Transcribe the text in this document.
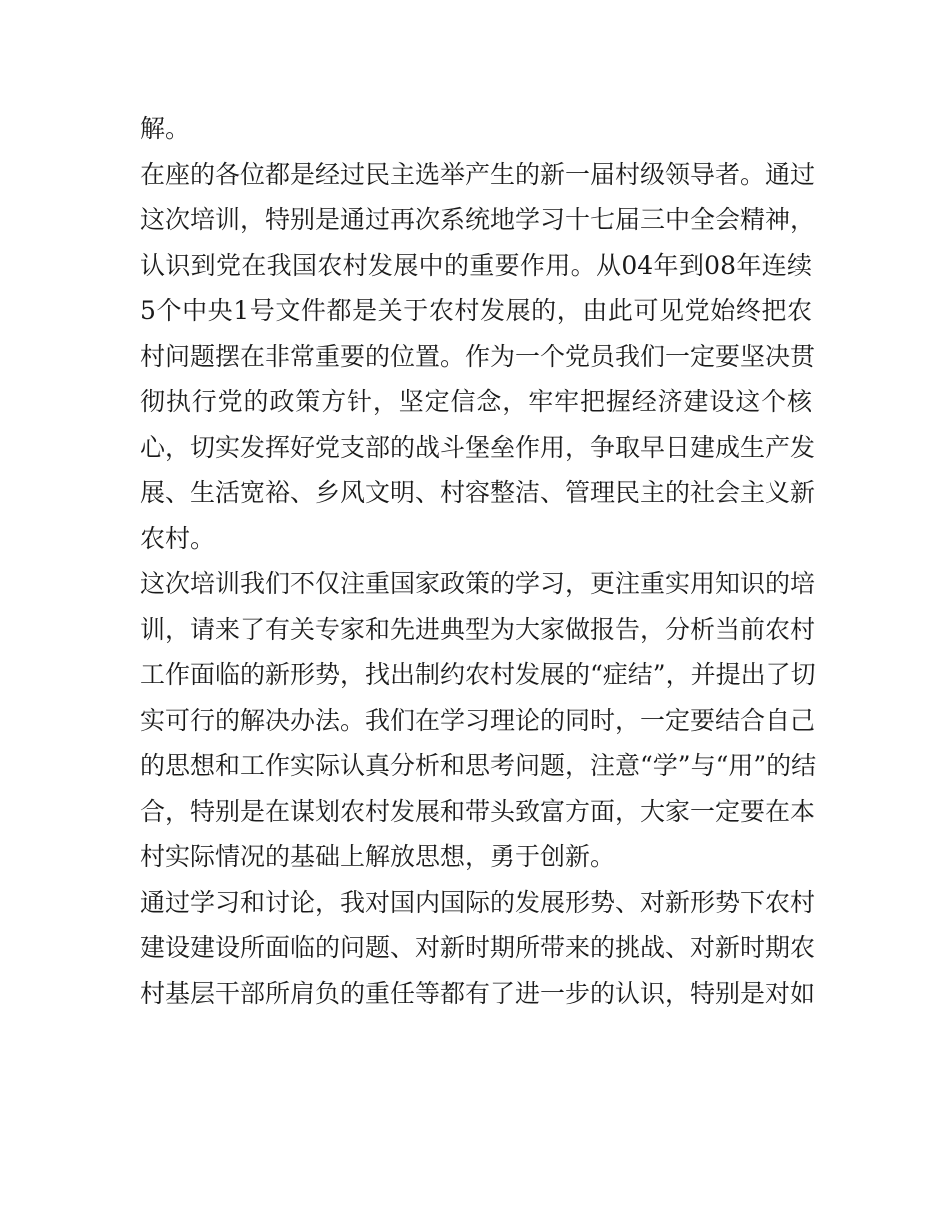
解。
在座的各位都是经过民主选举产生的新一届村级领导者。通过
这次培训，特别是通过再次系统地学习十七届三中全会精神，
认识到党在我国农村发展中的重要作用。从04年到08年连续
5个中央1号文件都是关于农村发展的，由此可见党始终把农
村问题摆在非常重要的位置。作为一个党员我们一定要坚决贯
彻执行党的政策方针，坚定信念，牢牢把握经济建设这个核
心，切实发挥好党支部的战斗堡垒作用，争取早日建成生产发
展、生活宽裕、乡风文明、村容整洁、管理民主的社会主义新
农村。
这次培训我们不仅注重国家政策的学习，更注重实用知识的培
训，请来了有关专家和先进典型为大家做报告，分析当前农村
工作面临的新形势，找出制约农村发展的“症结”，并提出了切
实可行的解决办法。我们在学习理论的同时，一定要结合自己
的思想和工作实际认真分析和思考问题，注意“学”与“用”的结
合，特别是在谋划农村发展和带头致富方面，大家一定要在本
村实际情况的基础上解放思想，勇于创新。
通过学习和讨论，我对国内国际的发展形势、对新形势下农村
建设建设所面临的问题、对新时期所带来的挑战、对新时期农
村基层干部所肩负的重任等都有了进一步的认识，特别是对如
